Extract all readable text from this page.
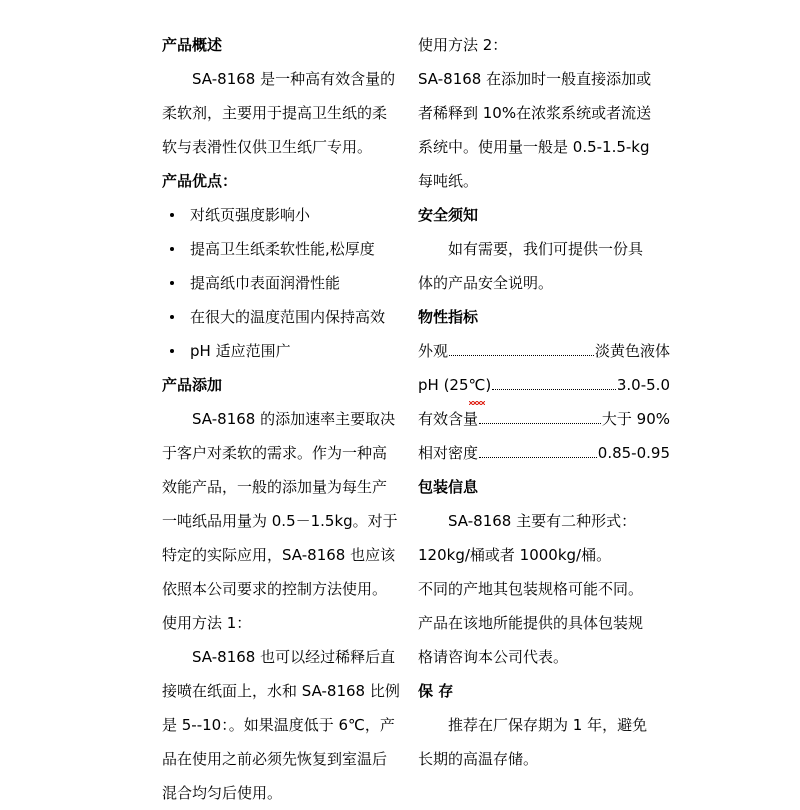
产品概述
SA-8168 是一种高有效含量的
柔软剂，主要用于提高卫生纸的柔
软与表滑性仅供卫生纸厂专用。
产品优点：
对纸页强度影响小
提高卫生纸柔软性能,松厚度
提高纸巾表面润滑性能
在很大的温度范围内保持高效
pH 适应范围广
产品添加
SA-8168 的添加速率主要取决
于客户对柔软的需求。作为一种高
效能产品，一般的添加量为每生产
一吨纸品用量为 0.5－1.5kg。对于
特定的实际应用，SA-8168 也应该
依照本公司要求的控制方法使用。
使用方法 1：
SA-8168 也可以经过稀释后直
接喷在纸面上，水和 SA-8168 比例
是 5--10：。如果温度低于 6℃，产
品在使用之前必须先恢复到室温后
混合均匀后使用。
使用方法 2：
SA-8168 在添加时一般直接添加或
者稀释到 10%在浓浆系统或者流送
系统中。使用量一般是 0.5-1.5-kg
每吨纸。
安全须知
如有需要，我们可提供一份具
体的产品安全说明。
物性指标
外观	淡黄色液体
pH (25℃)	3.0-5.0
有效含量	大于 90%
相对密度	0.85-0.95
包装信息
SA-8168 主要有二种形式：
120kg/桶或者 1000kg/桶。
不同的产地其包装规格可能不同。
产品在该地所能提供的具体包装规
格请咨询本公司代表。
保 存
推荐在厂保存期为 1 年，避免
长期的高温存储。
